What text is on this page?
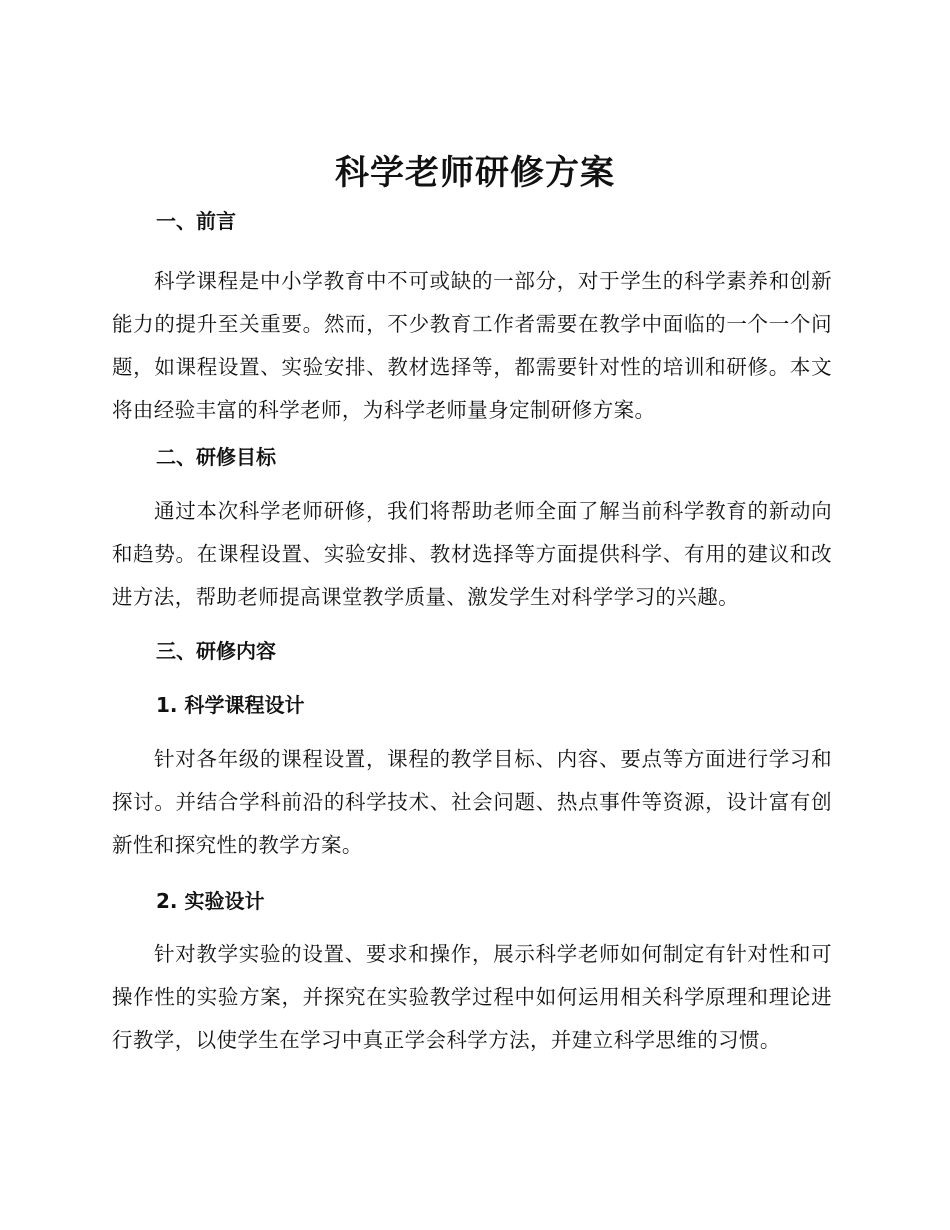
科学老师研修方案
一、前言
科学课程是中小学教育中不可或缺的一部分，对于学生的科学素养和创新能力的提升至关重要。然而，不少教育工作者需要在教学中面临的一个一个问题，如课程设置、实验安排、教材选择等，都需要针对性的培训和研修。本文将由经验丰富的科学老师，为科学老师量身定制研修方案。
二、研修目标
通过本次科学老师研修，我们将帮助老师全面了解当前科学教育的新动向和趋势。在课程设置、实验安排、教材选择等方面提供科学、有用的建议和改进方法，帮助老师提高课堂教学质量、激发学生对科学学习的兴趣。
三、研修内容
1. 科学课程设计
针对各年级的课程设置，课程的教学目标、内容、要点等方面进行学习和探讨。并结合学科前沿的科学技术、社会问题、热点事件等资源，设计富有创新性和探究性的教学方案。
2. 实验设计
针对教学实验的设置、要求和操作，展示科学老师如何制定有针对性和可操作性的实验方案，并探究在实验教学过程中如何运用相关科学原理和理论进行教学，以使学生在学习中真正学会科学方法，并建立科学思维的习惯。
